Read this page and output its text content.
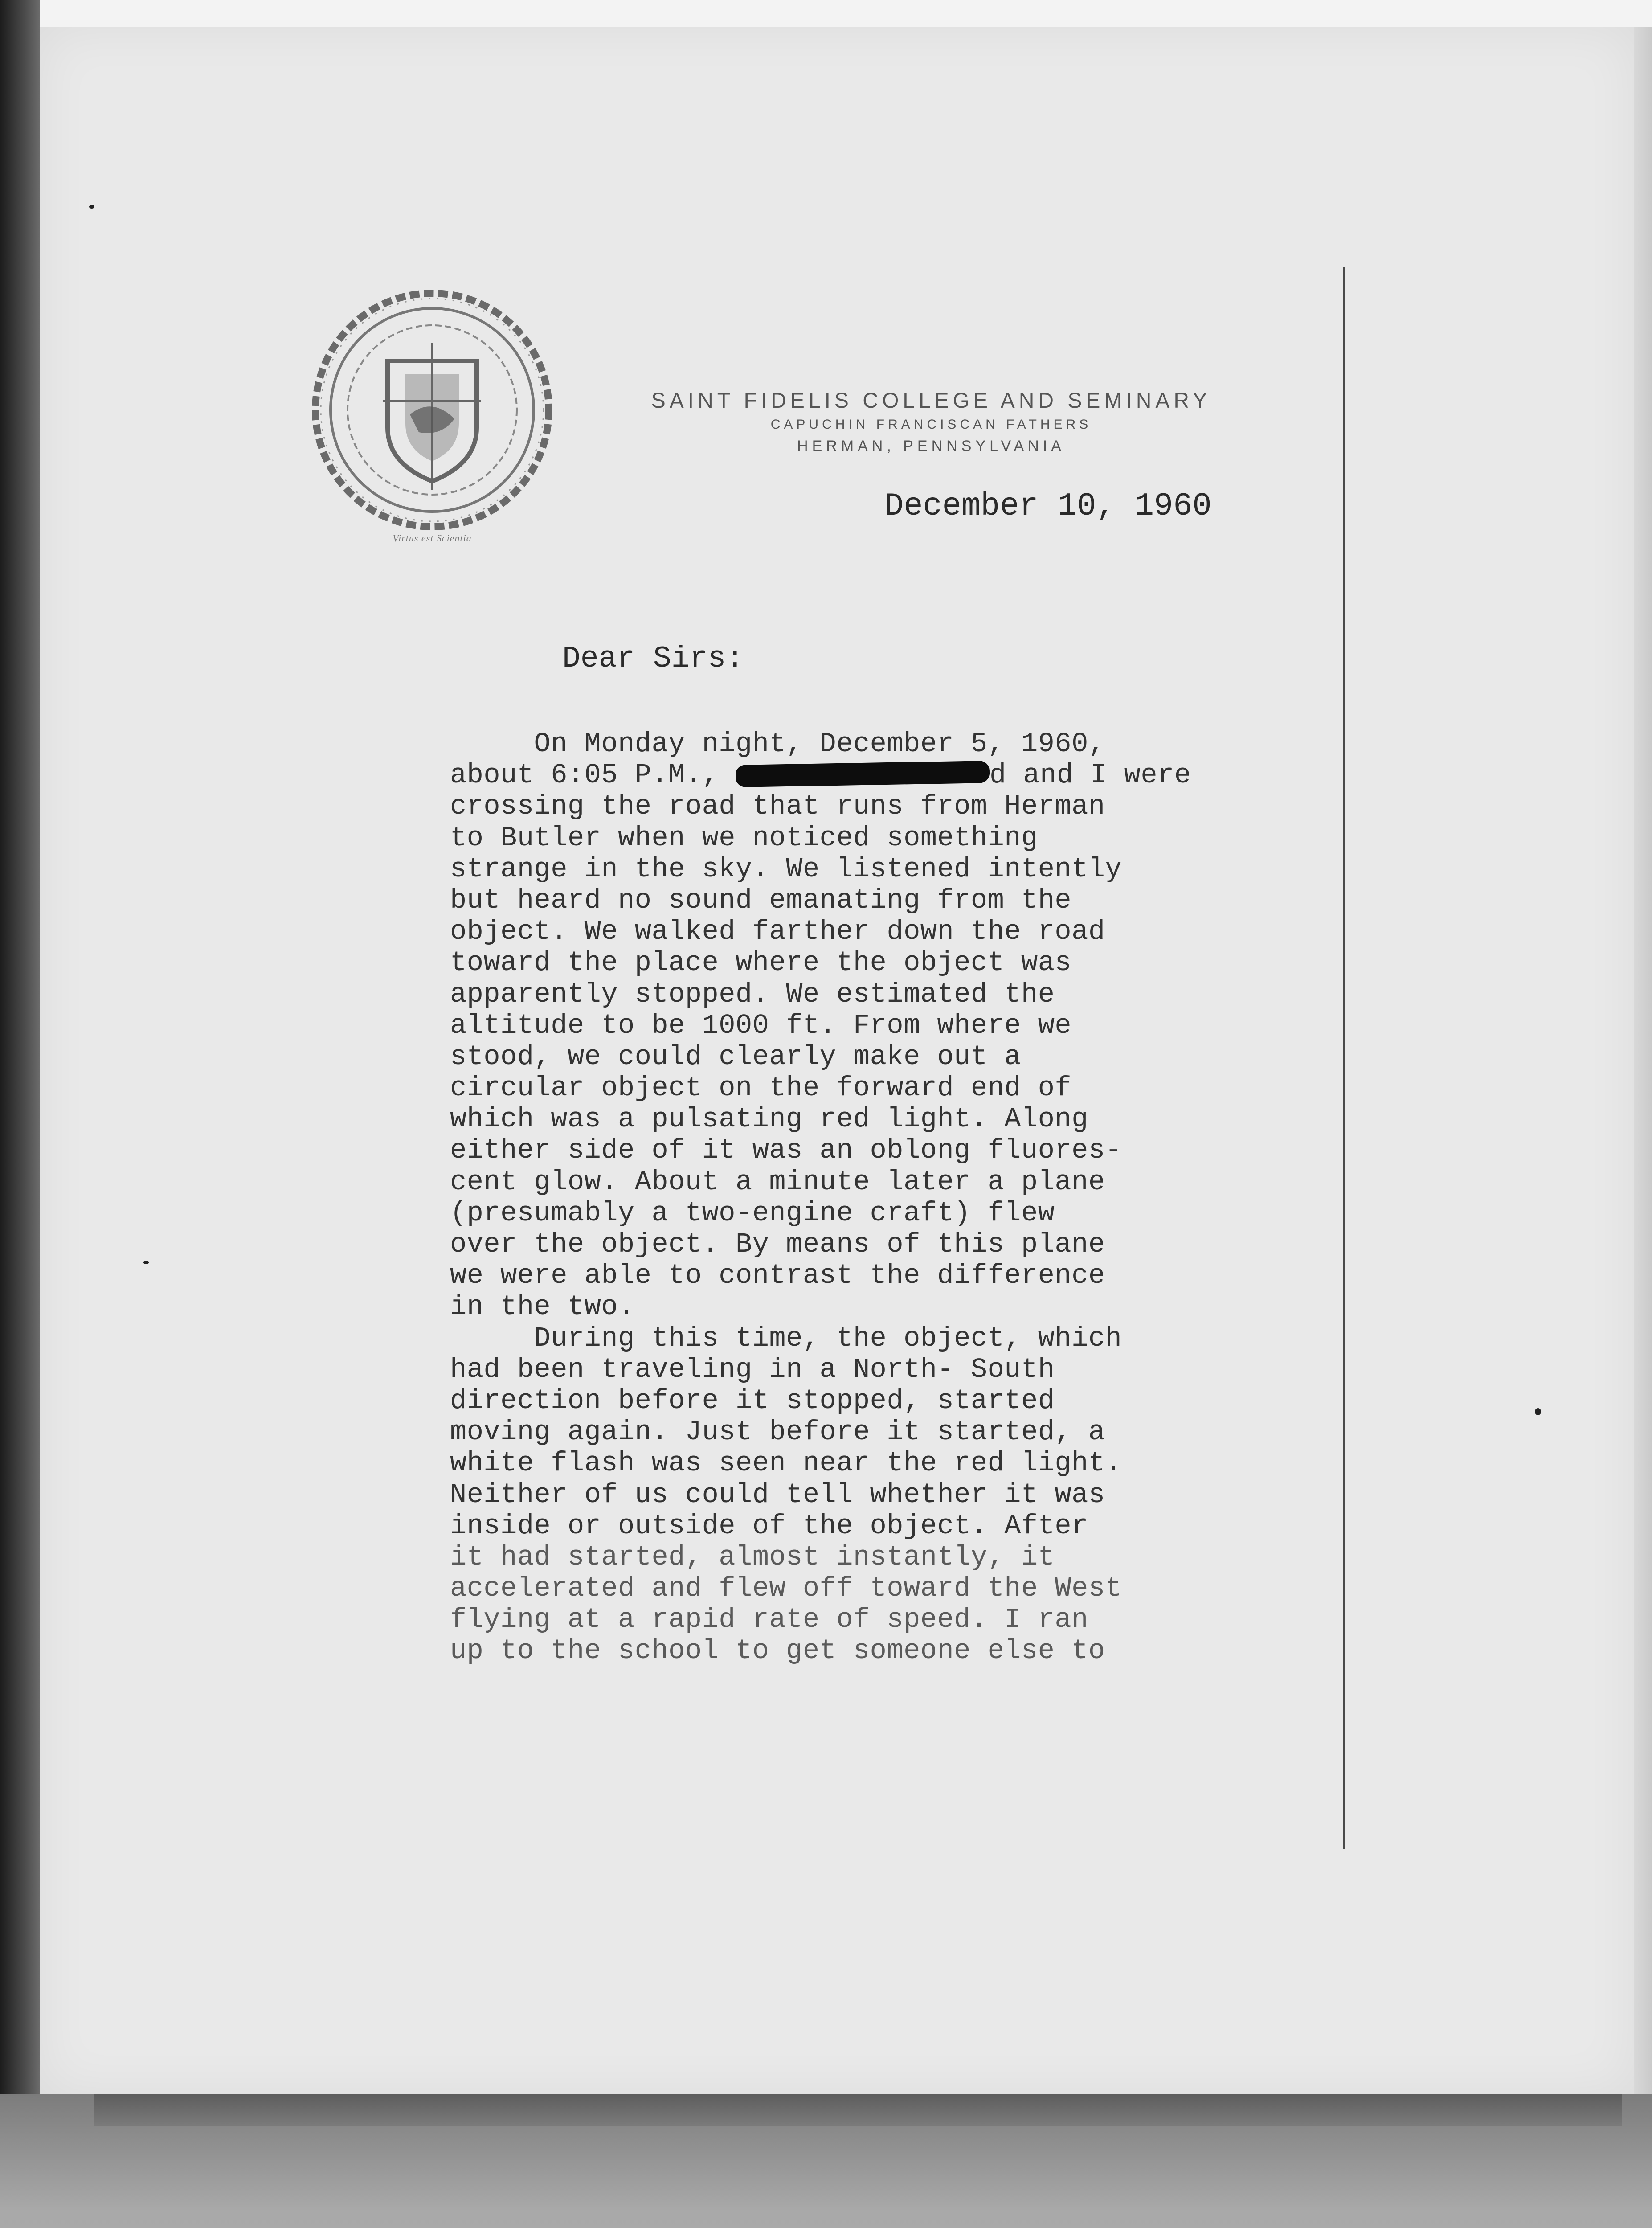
Virtus est Scientia
SAINT FIDELIS COLLEGE AND SEMINARY
CAPUCHIN FRANCISCAN FATHERS
HERMAN, PENNSYLVANIA
December 10, 1960
Dear Sirs:
On Monday night, December 5, 1960,
about 6:05 P.M.,	d and I were
crossing the road that runs from Herman
to Butler when we noticed something
strange in the sky. We listened intently
but heard no sound emanating from the
object. We walked farther down the road
toward the place where the object was
apparently stopped. We estimated the
altitude to be 1000 ft. From where we
stood, we could clearly make out a
circular object on the forward end of
which was a pulsating red light. Along
either side of it was an oblong fluores-
cent glow. About a minute later a plane
(presumably a two-engine craft) flew
over the object. By means of this plane
we were able to contrast the difference
in the two.
During this time, the object, which
had been traveling in a North- South
direction before it stopped, started
moving again. Just before it started, a
white flash was seen near the red light.
Neither of us could tell whether it was
inside or outside of the object. After
it had started, almost instantly, it
accelerated and flew off toward the West
flying at a rapid rate of speed. I ran
up to the school to get someone else to
